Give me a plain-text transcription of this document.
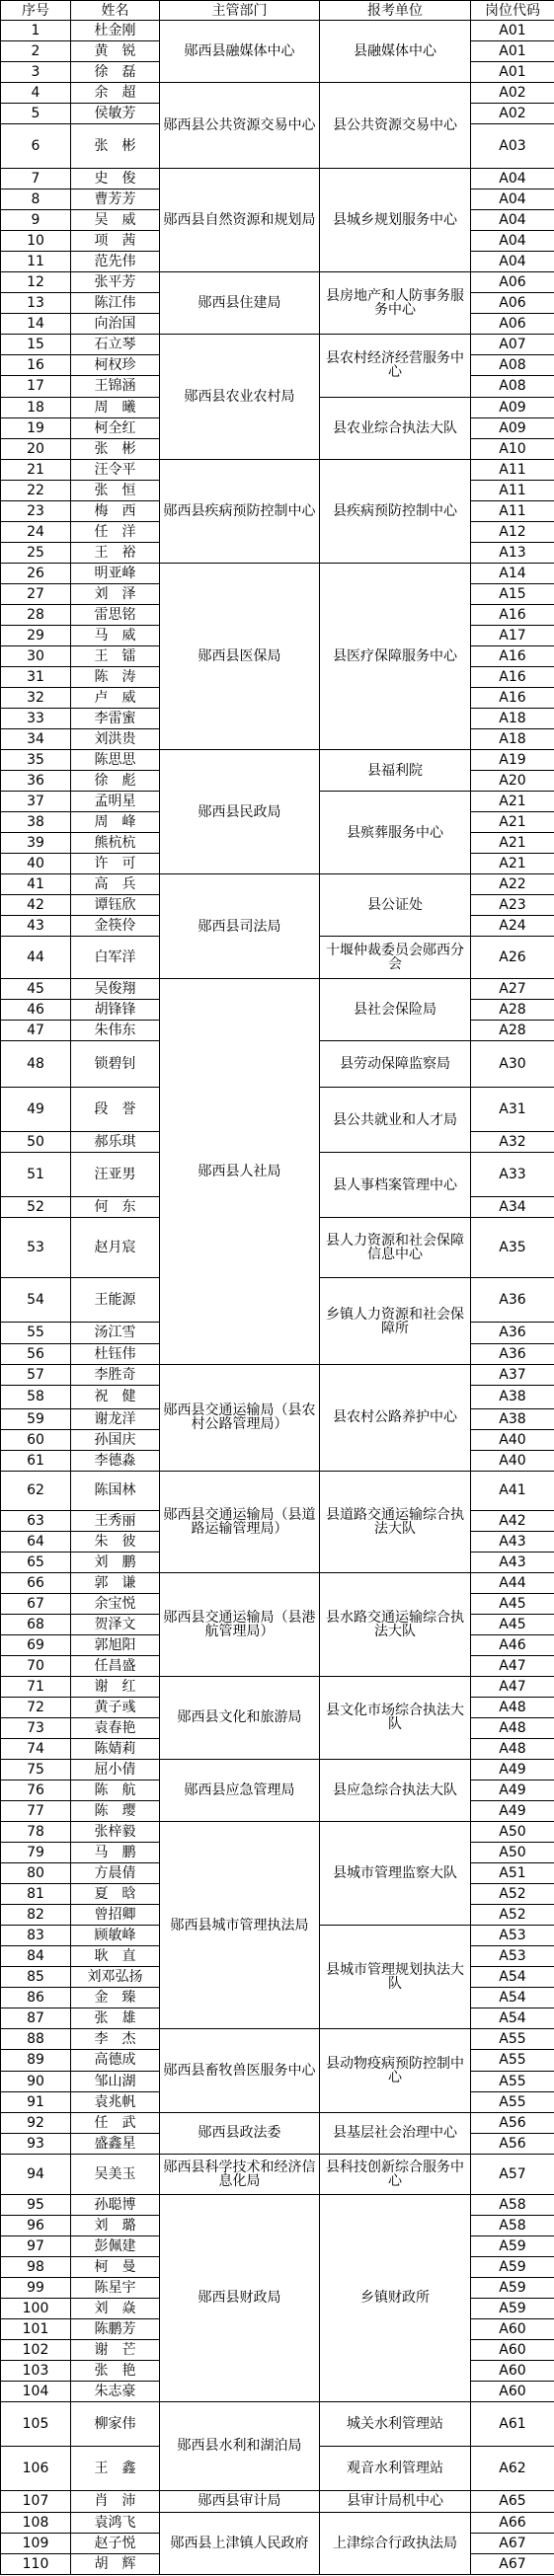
序号	姓名	主管部门	报考单位	岗位代码
1	杜金刚	郧西县融媒体中心	县融媒体中心	A01
2	黄　锐			A01
3	徐　磊			A01
4	余　超	郧西县公共资源交易中心	县公共资源交易中心	A02
5	侯敏芳			A02
6	张　彬			A03
7	史　俊	郧西县自然资源和规划局	县城乡规划服务中心	A04
8	曹芳芳			A04
9	吴　威			A04
10	项　茜			A04
11	范先伟			A04
12	张平芳	郧西县住建局	县房地产和人防事务服务中心	A06
13	陈江伟			A06
14	向治国			A06
15	石立琴	郧西县农业农村局	县农村经济经营服务中心	A07
16	柯权珍			A08
17	王锦涵			A08
18	周　曦		县农业综合执法大队	A09
19	柯全红			A09
20	张　彬			A10
21	汪令平	郧西县疾病预防控制中心	县疾病预防控制中心	A11
22	张　恒			A11
23	梅　西			A11
24	任　洋			A12
25	王　裕			A13
26	明亚峰	郧西县医保局	县医疗保障服务中心	A14
27	刘　泽			A15
28	雷思铭			A16
29	马　威			A17
30	王　镭			A16
31	陈　涛			A16
32	卢　威			A16
33	李雷蜜			A18
34	刘洪贵			A18
35	陈思思	郧西县民政局	县福利院	A19
36	徐　彪			A20
37	孟明星		县殡葬服务中心	A21
38	周　峰			A21
39	熊杭杭			A21
40	许　可			A21
41	高　兵	郧西县司法局	县公证处	A22
42	谭钰欣			A23
43	金筷伶			A24
44	白军洋		十堰仲裁委员会郧西分会	A26
45	吴俊翔	郧西县人社局	县社会保险局	A27
46	胡锋锋			A28
47	朱伟东			A28
48	锁碧钊		县劳动保障监察局	A30
49	段　誉		县公共就业和人才局	A31
50	郝乐琪			A32
51	汪亚男		县人事档案管理中心	A33
52	何　东			A34
53	赵月宸		县人力资源和社会保障信息中心	A35
54	王能源		乡镇人力资源和社会保障所	A36
55	汤江雪			A36
56	杜钰伟			A36
57	李胜奇	郧西县交通运输局（县农村公路管理局）	县农村公路养护中心	A37
58	祝　健			A38
59	谢龙洋			A38
60	孙国庆			A40
61	李德淼			A40
62	陈国林	郧西县交通运输局（县道路运输管理局）	县道路交通运输综合执法大队	A41
63	王秀丽			A42
64	朱　彼			A43
65	刘　鹏			A43
66	郭　谦	郧西县交通运输局（县港航管理局）	县水路交通运输综合执法大队	A44
67	余宝悦			A45
68	贺泽文			A45
69	郭旭阳			A46
70	任昌盛			A47
71	谢　红	郧西县文化和旅游局	县文化市场综合执法大队	A47
72	黄子彧			A48
73	袁春艳			A48
74	陈婧莉			A48
75	屈小倩	郧西县应急管理局	县应急综合执法大队	A49
76	陈　航			A49
77	陈　璎			A49
78	张梓毅	郧西县城市管理执法局	县城市管理监察大队	A50
79	马　鹏			A50
80	方晨倩			A51
81	夏　晗			A52
82	曾招卿			A52
83	顾敏峰		县城市管理规划执法大队	A53
84	耿　直			A53
85	刘邓弘扬			A54
86	金　臻			A54
87	张　雄			A54
88	李　杰	郧西县畜牧兽医服务中心	县动物疫病预防控制中心	A55
89	高德成			A55
90	邹山湖			A55
91	袁兆帆			A55
92	任　武	郧西县政法委	县基层社会治理中心	A56
93	盛鑫星			A56
94	吴美玉	郧西县科学技术和经济信息化局	县科技创新综合服务中心	A57
95	孙聪博	郧西县财政局	乡镇财政所	A58
96	刘　璐			A58
97	彭佩建			A59
98	柯　曼			A59
99	陈星宇			A59
100	刘　焱			A59
101	陈鹏芳			A60
102	谢　芒			A60
103	张　艳			A60
104	朱志豪			A60
105	柳家伟	郧西县水利和湖泊局	城关水利管理站	A61
106	王　鑫		观音水利管理站	A62
107	肖　沛	郧西县审计局	县审计局机中心	A65
108	袁鸿飞	郧西县上津镇人民政府	上津综合行政执法局	A66
109	赵子悦			A67
110	胡　辉			A67
